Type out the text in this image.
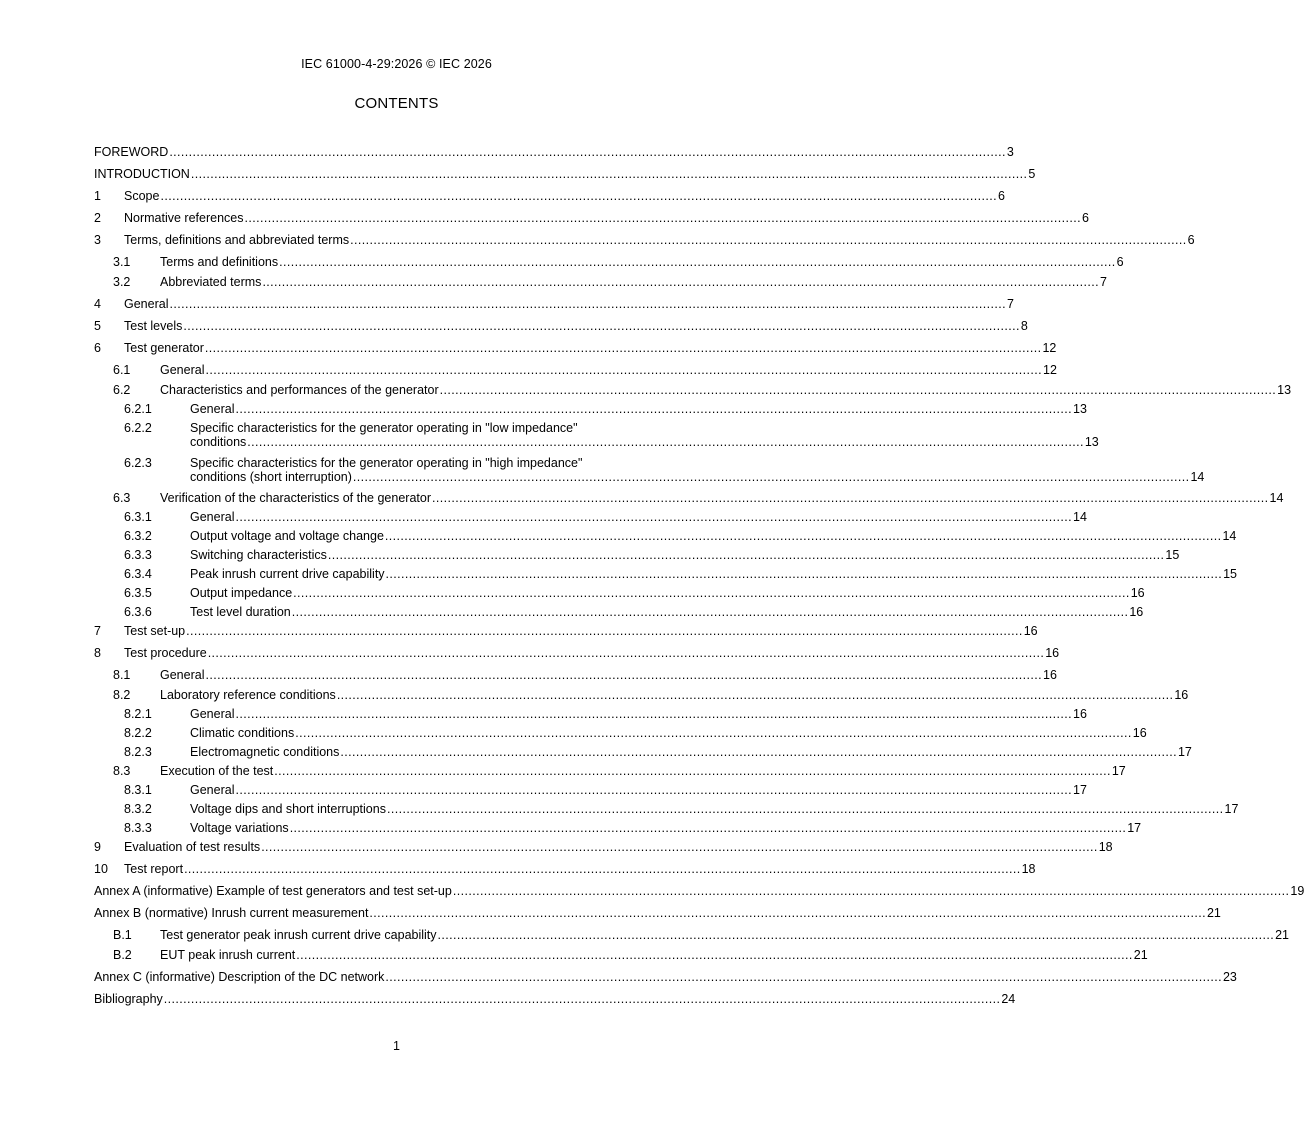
IEC 61000-4-29:2026 © IEC 2026
CONTENTS
FOREWORD .....	3
INTRODUCTION .....	5
1 Scope .....	6
2 Normative references .....	6
3 Terms, definitions and abbreviated terms .....	6
3.1 Terms and definitions .....	6
3.2 Abbreviated terms .....	7
4 General .....	7
5 Test levels .....	8
6 Test generator .....	12
6.1 General .....	12
6.2 Characteristics and performances of the generator .....	13
6.2.1	General .....	13
6.2.2	Specific characteristics for the generator operating in "low impedance"
conditions .....	13
6.2.3	Specific characteristics for the generator operating in "high impedance"
conditions (short interruption) .....	14
6.3 Verification of the characteristics of the generator .....	14
6.3.1	General .....	14
6.3.2	Output voltage and voltage change .....	14
6.3.3	Switching characteristics .....	15
6.3.4	Peak inrush current drive capability .....	15
6.3.5	Output impedance .....	16
6.3.6	Test level duration .....	16
7 Test set-up .....	16
8 Test procedure .....	16
8.1 General .....	16
8.2 Laboratory reference conditions .....	16
8.2.1	General .....	16
8.2.2	Climatic conditions .....	16
8.2.3	Electromagnetic conditions .....	17
8.3 Execution of the test .....	17
8.3.1	General .....	17
8.3.2	Voltage dips and short interruptions .....	17
8.3.3	Voltage variations .....	17
9 Evaluation of test results .....	18
10 Test report .....	18
Annex A (informative) Example of test generators and test set-up .....	19
Annex B (normative) Inrush current measurement .....	21
B.1 Test generator peak inrush current drive capability .....	21
B.2 EUT peak inrush current .....	21
Annex C (informative) Description of the DC network .....	23
Bibliography .....	24
1
